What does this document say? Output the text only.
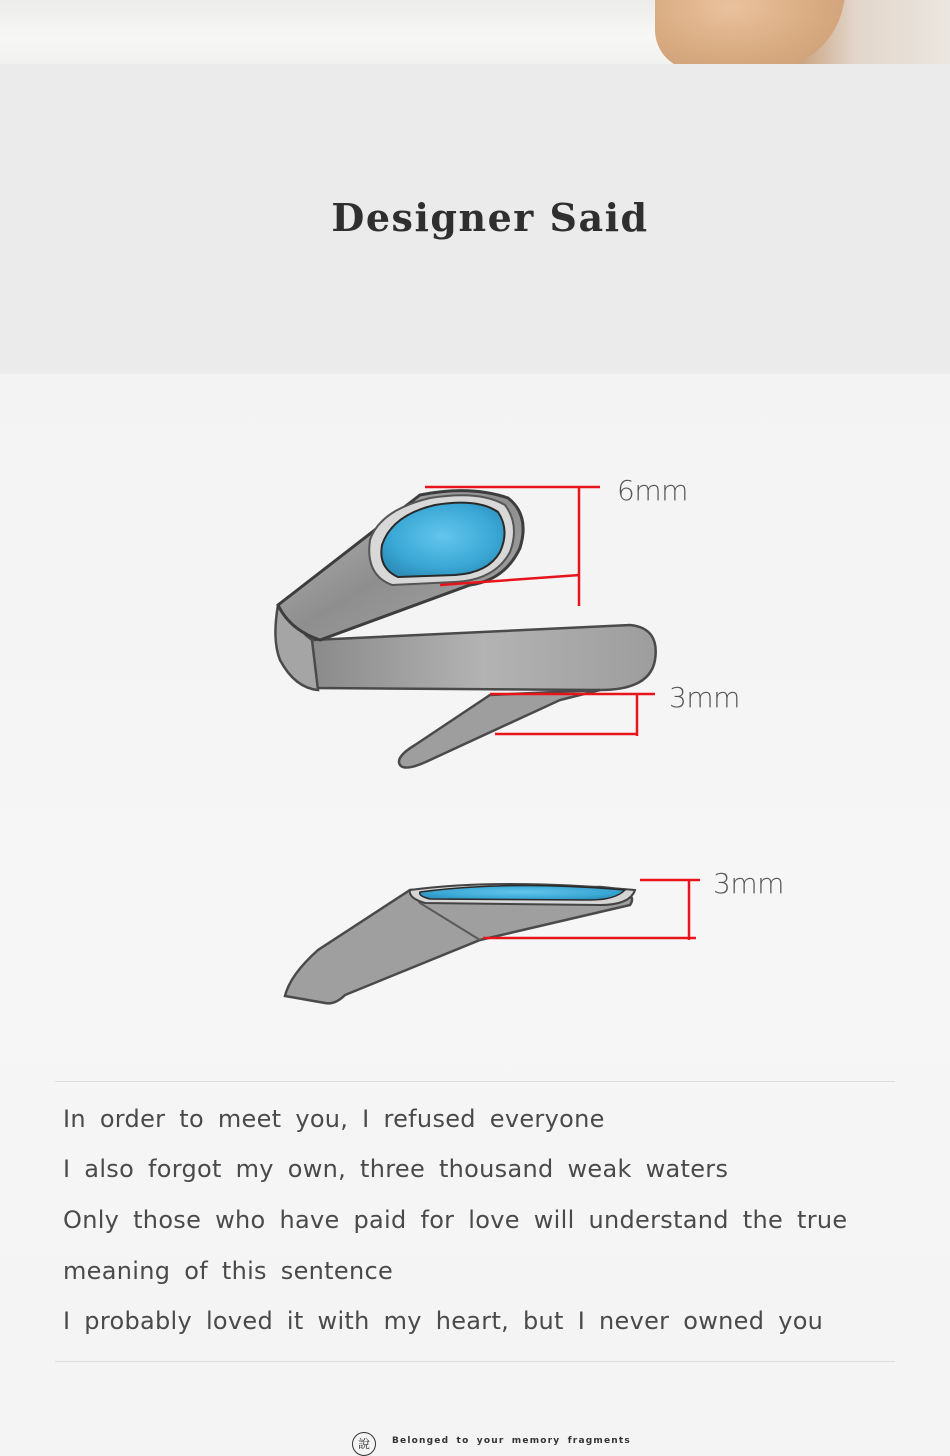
Designer Said
6mm
3mm
3mm
In order to meet you, I refused everyone
I also forgot my own, three thousand weak waters
Only those who have paid for love will understand the true
meaning of this sentence
I probably loved it with my heart, but I never owned you
說	Belonged to your memory fragments
